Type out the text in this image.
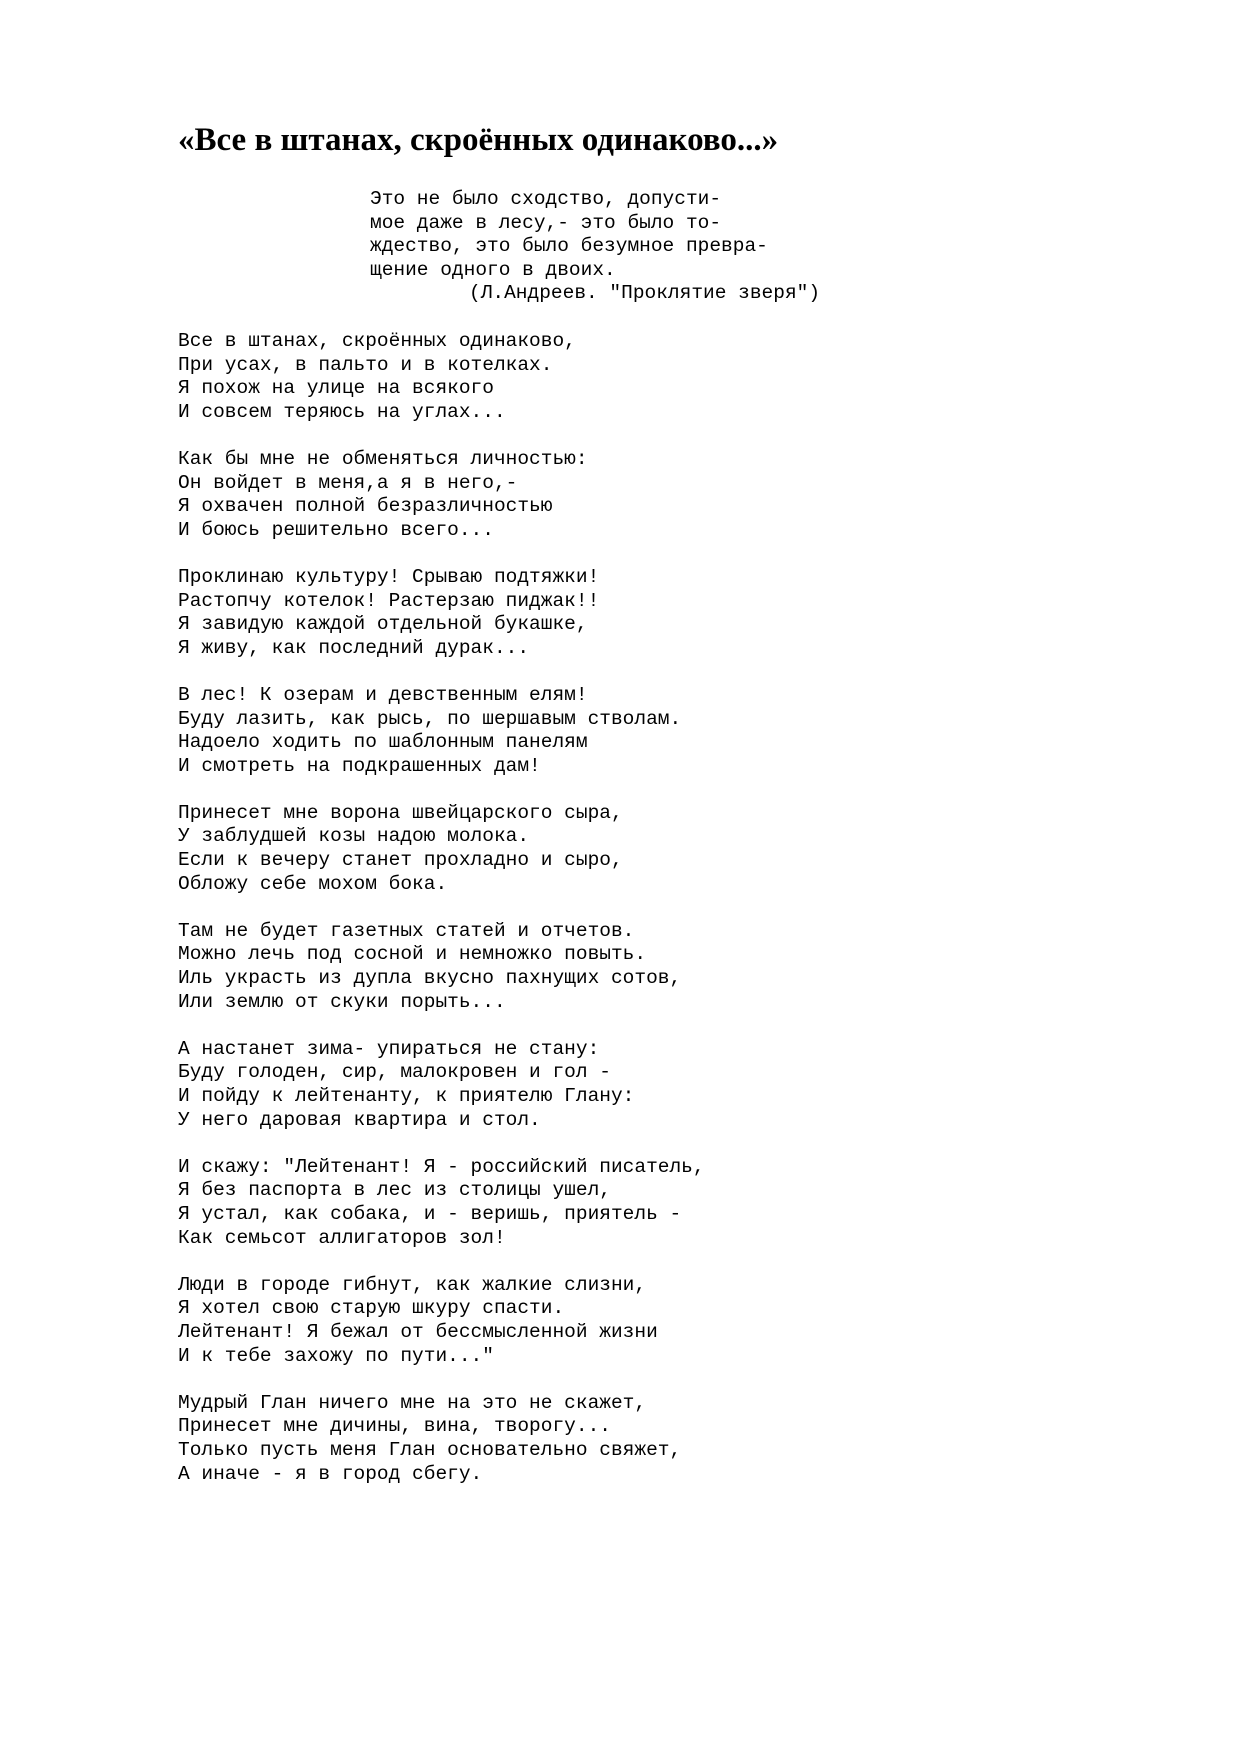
«Все в штанах, скроённых одинаково...»
Это не было сходство, допусти-
мое даже в лесу,- это было то-
ждество, это было безумное превра-
щение одного в двоих.
(Л.Андреев. "Проклятие зверя")
Все в штанах, скроённых одинаково,
При усах, в пальто и в котелках.
Я похож на улице на всякого
И совсем теряюсь на углах...
Как бы мне не обменяться личностью:
Он войдет в меня,а я в него,-
Я охвачен полной безразличностью
И боюсь решительно всего...
Проклинаю культуру! Срываю подтяжки!
Растопчу котелок! Растерзаю пиджак!!
Я завидую каждой отдельной букашке,
Я живу, как последний дурак...
В лес! К озерам и девственным елям!
Буду лазить, как рысь, по шершавым стволам.
Надоело ходить по шаблонным панелям
И смотреть на подкрашенных дам!
Принесет мне ворона швейцарского сыра,
У заблудшей козы надою молока.
Если к вечеру станет прохладно и сыро,
Обложу себе мохом бока.
Там не будет газетных статей и отчетов.
Можно лечь под сосной и немножко повыть.
Иль украсть из дупла вкусно пахнущих сотов,
Или землю от скуки порыть...
А настанет зима- упираться не стану:
Буду голоден, сир, малокровен и гол -
И пойду к лейтенанту, к приятелю Глану:
У него даровая квартира и стол.
И скажу: "Лейтенант! Я - российский писатель,
Я без паспорта в лес из столицы ушел,
Я устал, как собака, и - веришь, приятель -
Как семьсот аллигаторов зол!
Люди в городе гибнут, как жалкие слизни,
Я хотел свою старую шкуру спасти.
Лейтенант! Я бежал от бессмысленной жизни
И к тебе захожу по пути..."
Мудрый Глан ничего мне на это не скажет,
Принесет мне дичины, вина, творогу...
Только пусть меня Глан основательно свяжет,
А иначе - я в город сбегу.
